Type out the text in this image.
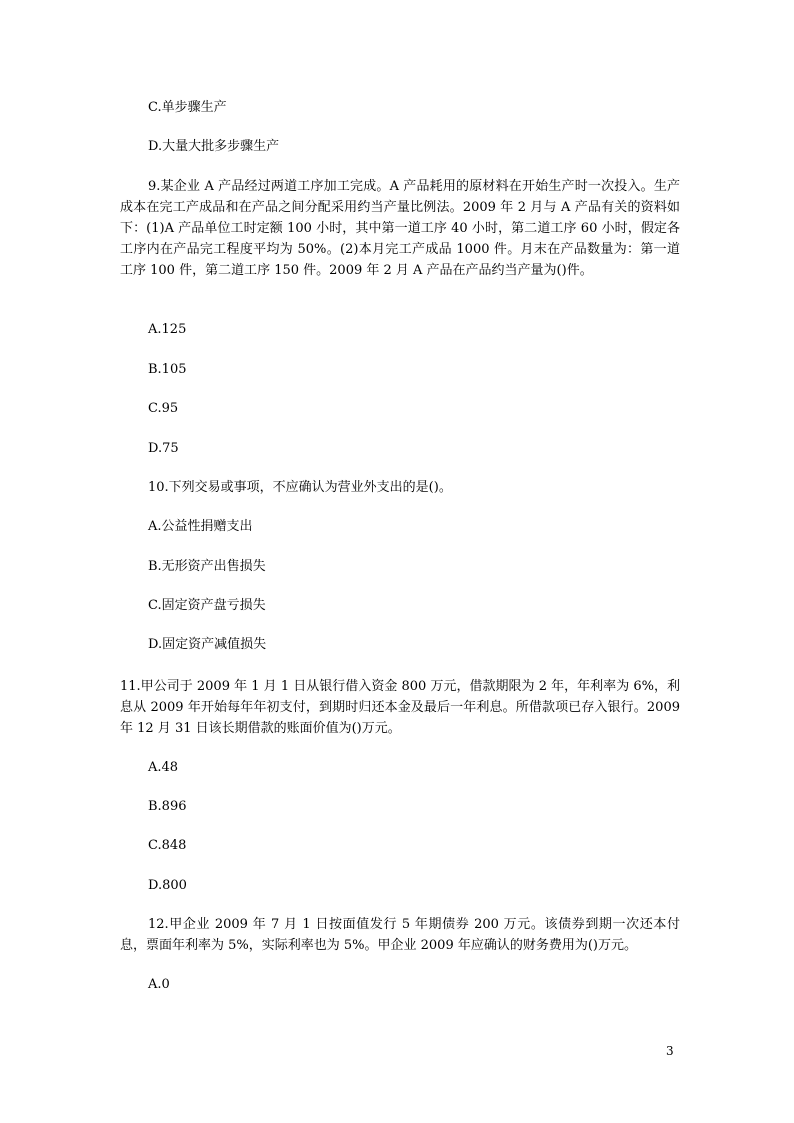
C.单步骤生产
D.大量大批多步骤生产
9.某企业 A 产品经过两道工序加工完成。A 产品耗用的原材料在开始生产时一次投入。生产成本在完工产成品和在产品之间分配采用约当产量比例法。2009 年 2 月与 A 产品有关的资料如下：(1)A 产品单位工时定额 100 小时，其中第一道工序 40 小时，第二道工序 60 小时，假定各工序内在产品完工程度平均为 50%。(2)本月完工产成品 1000 件。月末在产品数量为：第一道工序 100 件，第二道工序 150 件。2009 年 2 月 A 产品在产品约当产量为()件。
A.125
B.105
C.95
D.75
10.下列交易或事项，不应确认为营业外支出的是()。
A.公益性捐赠支出
B.无形资产出售损失
C.固定资产盘亏损失
D.固定资产减值损失
11.甲公司于 2009 年 1 月 1 日从银行借入资金 800 万元，借款期限为 2 年，年利率为 6%，利息从 2009 年开始每年年初支付，到期时归还本金及最后一年利息。所借款项已存入银行。2009 年 12 月 31 日该长期借款的账面价值为()万元。
A.48
B.896
C.848
D.800
12.甲企业 2009 年 7 月 1 日按面值发行 5 年期债券 200 万元。该债券到期一次还本付息，票面年利率为 5%，实际利率也为 5%。甲企业 2009 年应确认的财务费用为()万元。
A.0
3
